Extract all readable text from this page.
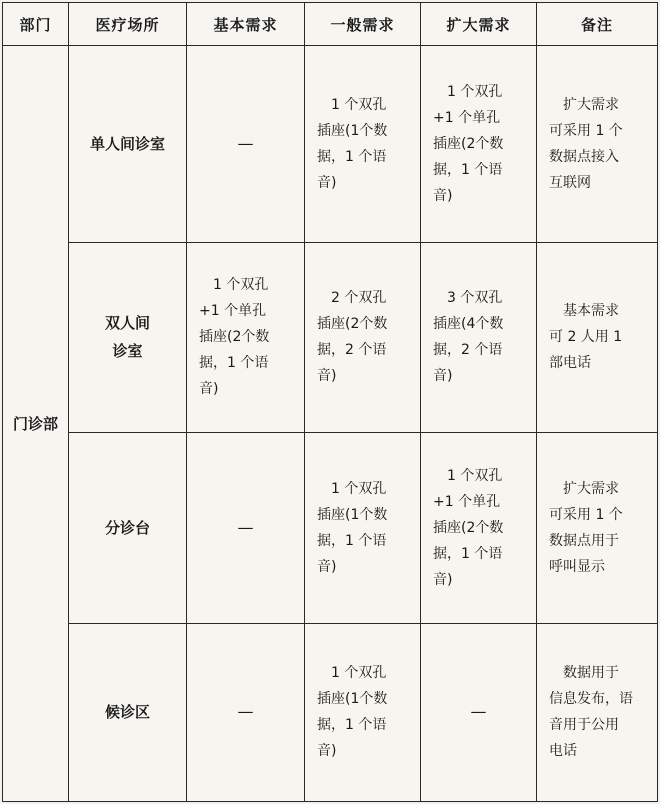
部门	医疗场所	基本需求	一般需求	扩大需求	备注
门诊部	单人间诊室	—	1 个双孔
插座(1个数
据，1 个语
音)	1 个双孔
+1 个单孔
插座(2个数
据，1 个语
音)	扩大需求
可采用 1 个
数据点接入
互联网

	双人间
诊室	1 个双孔
+1 个单孔
插座(2个数
据，1 个语
音)	2 个双孔
插座(2个数
据，2 个语
音)	3 个双孔
插座(4个数
据，2 个语
音)	基本需求
可 2 人用 1
部电话

	分诊台	—	1 个双孔
插座(1个数
据，1 个语
音)	1 个双孔
+1 个单孔
插座(2个数
据，1 个语
音)	扩大需求
可采用 1 个
数据点用于
呼叫显示

	候诊区	—	1 个双孔
插座(1个数
据，1 个语
音)	—	数据用于
信息发布，语
音用于公用
电话
